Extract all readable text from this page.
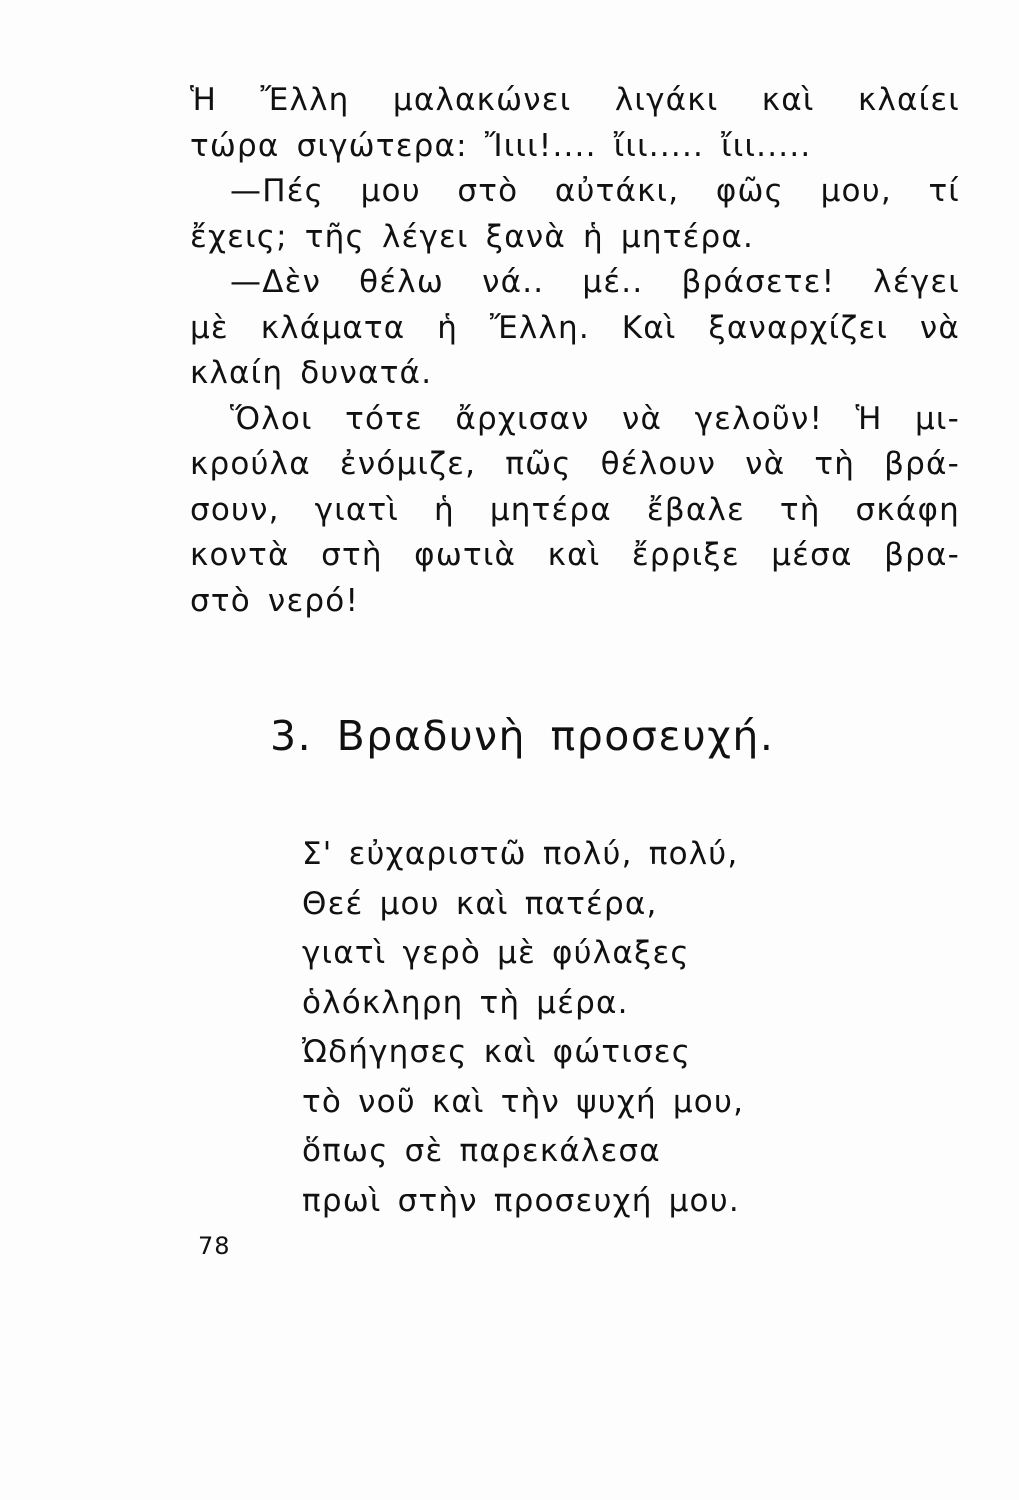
Ἡ Ἔλλη μαλακώνει λιγάκι καὶ κλαίει
τώρα σιγώτερα: Ἴιιι!.... ἴιι..... ἴιι.....
—Πές μου στὸ αὐτάκι, φῶς μου, τί
ἔχεις; τῆς λέγει ξανὰ ἡ μητέρα.
—Δὲν θέλω νά.. μέ.. βράσετε! λέγει
μὲ κλάματα ἡ Ἔλλη. Καὶ ξαναρχίζει νὰ
κλαίη δυνατά.
Ὅλοι τότε ἄρχισαν νὰ γελοῦν! Ἡ μι-
κρούλα ἐνόμιζε, πῶς θέλουν νὰ τὴ βρά-
σουν, γιατὶ ἡ μητέρα ἔβαλε τὴ σκάφη
κοντὰ στὴ φωτιὰ καὶ ἔρριξε μέσα βρα-
στὸ νερό!
3. Βραδυνὴ προσευχή.
Σ' εὐχαριστῶ πολύ, πολύ,
Θεέ μου καὶ πατέρα,
γιατὶ γερὸ μὲ φύλαξες
ὁλόκληρη τὴ μέρα.
Ὠδήγησες καὶ φώτισες
τὸ νοῦ καὶ τὴν ψυχή μου,
ὅπως σὲ παρεκάλεσα
πρωὶ στὴν προσευχή μου.
78
